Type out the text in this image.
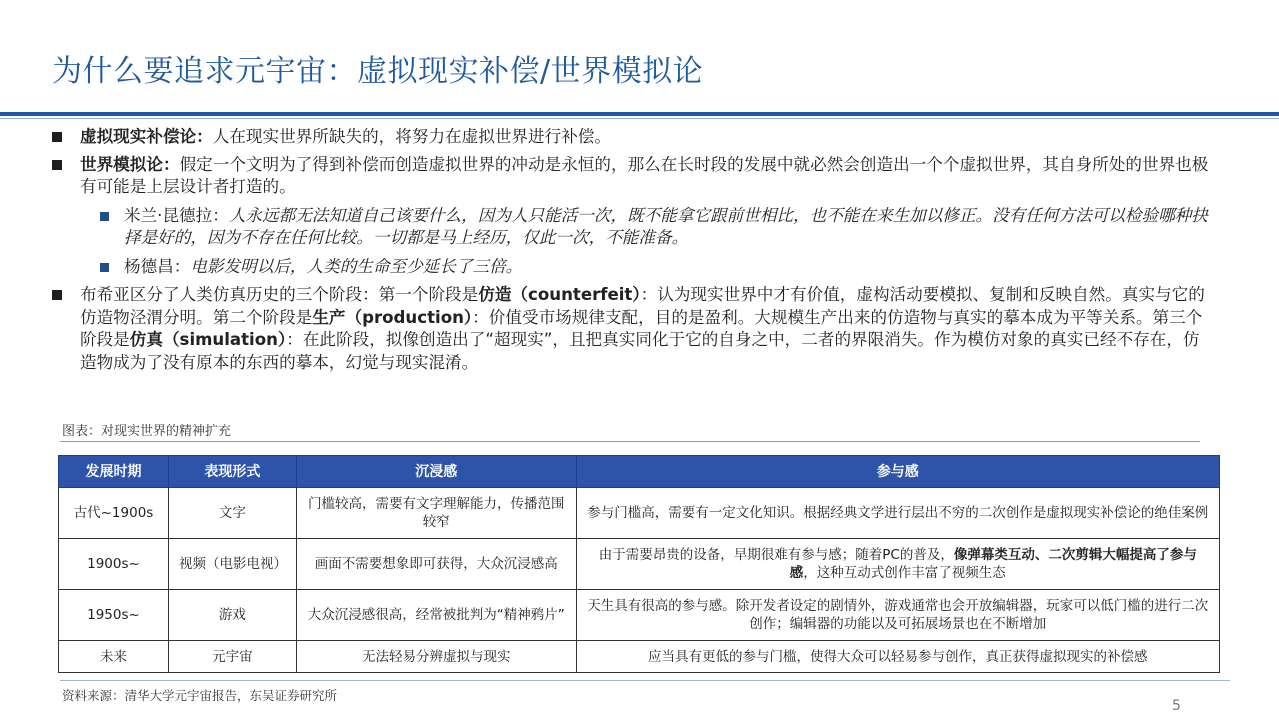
为什么要追求元宇宙：虚拟现实补偿/世界模拟论
虚拟现实补偿论：人在现实世界所缺失的，将努力在虚拟世界进行补偿。
世界模拟论：假定一个文明为了得到补偿而创造虚拟世界的冲动是永恒的，那么在长时段的发展中就必然会创造出一个个虚拟世界，其自身所处的世界也极有可能是上层设计者打造的。
米兰·昆德拉：人永远都无法知道自己该要什么，因为人只能活一次，既不能拿它跟前世相比，也不能在来生加以修正。没有任何方法可以检验哪种抉择是好的，因为不存在任何比较。一切都是马上经历，仅此一次，不能准备。
杨德昌：电影发明以后，人类的生命至少延长了三倍。
布希亚区分了人类仿真历史的三个阶段：第一个阶段是仿造（counterfeit）：认为现实世界中才有价值，虚构活动要模拟、复制和反映自然。真实与它的仿造物泾渭分明。第二个阶段是生产（production）：价值受市场规律支配，目的是盈利。大规模生产出来的仿造物与真实的摹本成为平等关系。第三个阶段是仿真（simulation）：在此阶段，拟像创造出了“超现实”，且把真实同化于它的自身之中，二者的界限消失。作为模仿对象的真实已经不存在，仿造物成为了没有原本的东西的摹本，幻觉与现实混淆。
图表：对现实世界的精神扩充
发展时期	表现形式	沉浸感	参与感
古代~1900s	文字	门槛较高，需要有文字理解能力，传播范围较窄	参与门槛高，需要有一定文化知识。根据经典文学进行层出不穷的二次创作是虚拟现实补偿论的绝佳案例
1900s~	视频（电影电视）	画面不需要想象即可获得，大众沉浸感高	由于需要昂贵的设备，早期很难有参与感；随着PC的普及，像弹幕类互动、二次剪辑大幅提高了参与感，这种互动式创作丰富了视频生态
1950s~	游戏	大众沉浸感很高，经常被批判为“精神鸦片”	天生具有很高的参与感。除开发者设定的剧情外，游戏通常也会开放编辑器，玩家可以低门槛的进行二次创作；编辑器的功能以及可拓展场景也在不断增加
未来	元宇宙	无法轻易分辨虚拟与现实	应当具有更低的参与门槛，使得大众可以轻易参与创作，真正获得虚拟现实的补偿感
资料来源：清华大学元宇宙报告，东吴证券研究所
5
